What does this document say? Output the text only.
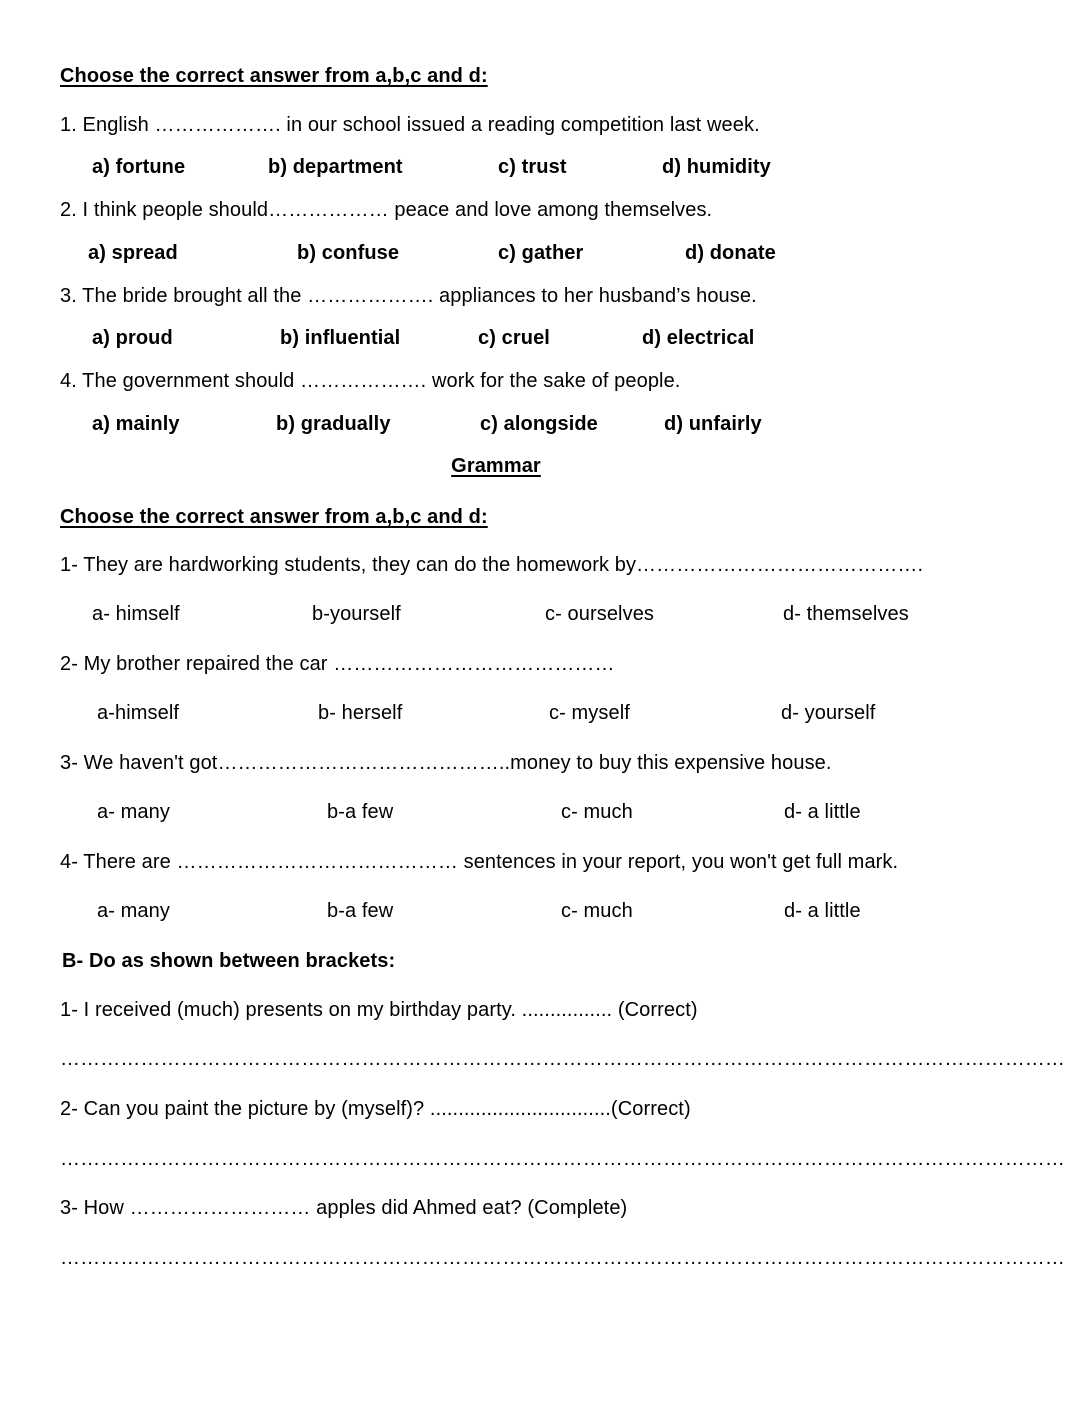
Choose the correct answer from a,b,c and d:
1. English ………………. in our school issued a reading competition last week.
a) fortune	b) department	c) trust	d) humidity
2. I think people should……………… peace and love among themselves.
a) spread	b) confuse	c) gather	d) donate
3. The bride brought all the ………………. appliances to her husband’s house.
a) proud	b) influential	c) cruel	d) electrical
4. The government should ………………. work for the sake of people.
a) mainly	b) gradually	c) alongside	d) unfairly
Grammar
Choose the correct answer from a,b,c and d:
1- They are hardworking students, they can do the homework by…………………………………….
a- himself	b-yourself	c- ourselves	d- themselves
2- My brother repaired the car ……………………………………
a-himself	b- herself	c- myself	d- yourself
3- We haven't got……………………………………..money to buy this expensive house.
a- many	b-a few	c- much	d- a little
4- There are …………………………………… sentences in your report, you won't get full mark.
a- many	b-a few	c- much	d- a little
B- Do as shown between brackets:
1- I received (much) presents on my birthday party. ................ (Correct)
……………………………………………………………………………………………………………………………………
2- Can you paint the picture by (myself)? ................................(Correct)
……………………………………………………………………………………………………………………………………
3- How ……………………… apples did Ahmed eat? (Complete)
……………………………………………………………………………………………………………………………………
